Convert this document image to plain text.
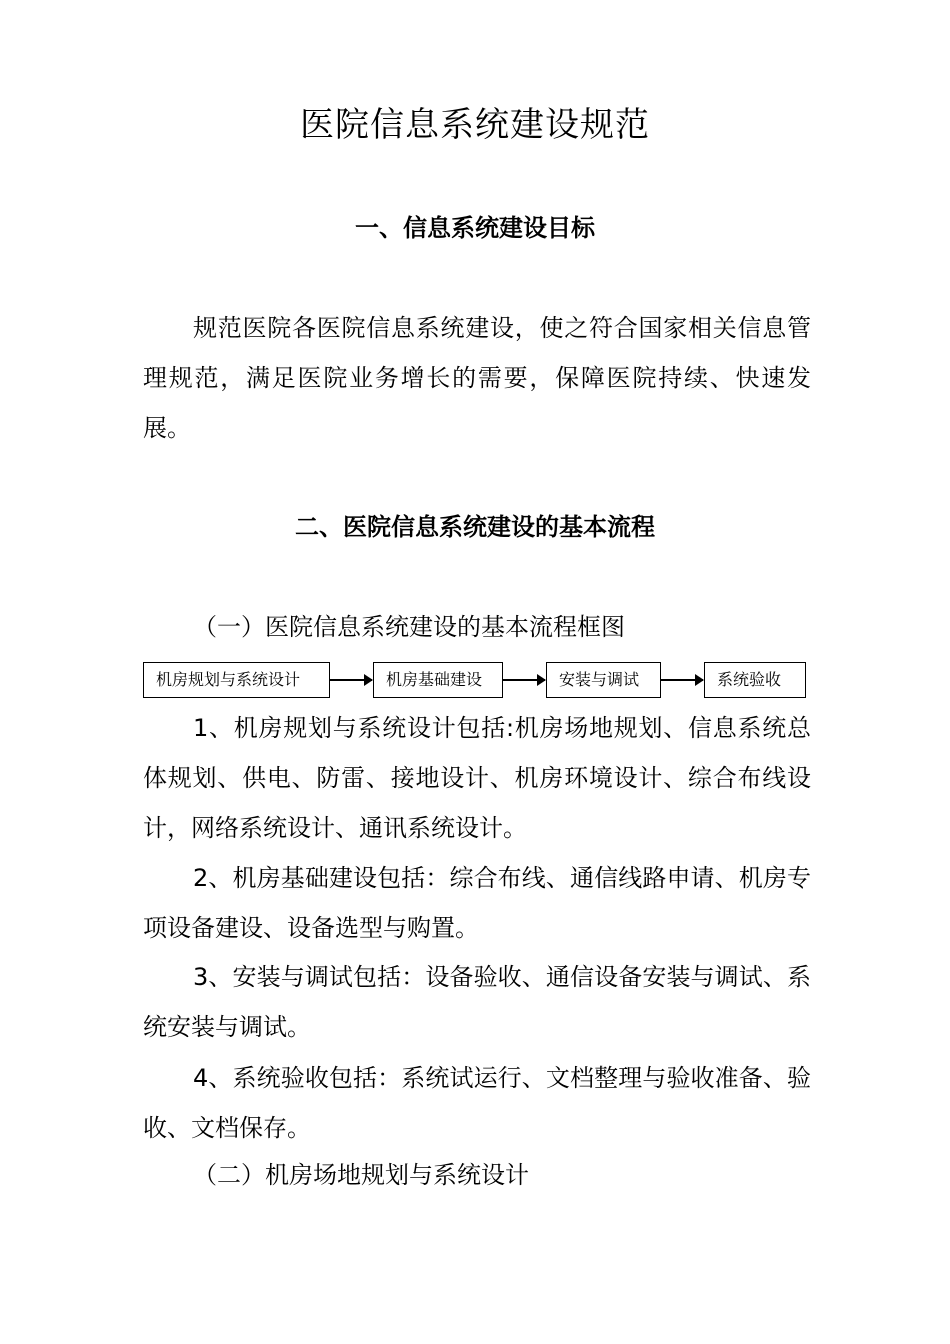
医院信息系统建设规范
一、信息系统建设目标
规范医院各医院信息系统建设，使之符合国家相关信息管理规范，满足医院业务增长的需要，保障医院持续、快速发展。
二、医院信息系统建设的基本流程
（一）医院信息系统建设的基本流程框图
机房规划与系统设计	机房基础建设	安装与调试	系统验收
1、机房规划与系统设计包括:机房场地规划、信息系统总体规划、供电、防雷、接地设计、机房环境设计、综合布线设计，网络系统设计、通讯系统设计。
2、机房基础建设包括：综合布线、通信线路申请、机房专项设备建设、设备选型与购置。
3、安装与调试包括：设备验收、通信设备安装与调试、系统安装与调试。
4、系统验收包括：系统试运行、文档整理与验收准备、验收、文档保存。
（二）机房场地规划与系统设计
